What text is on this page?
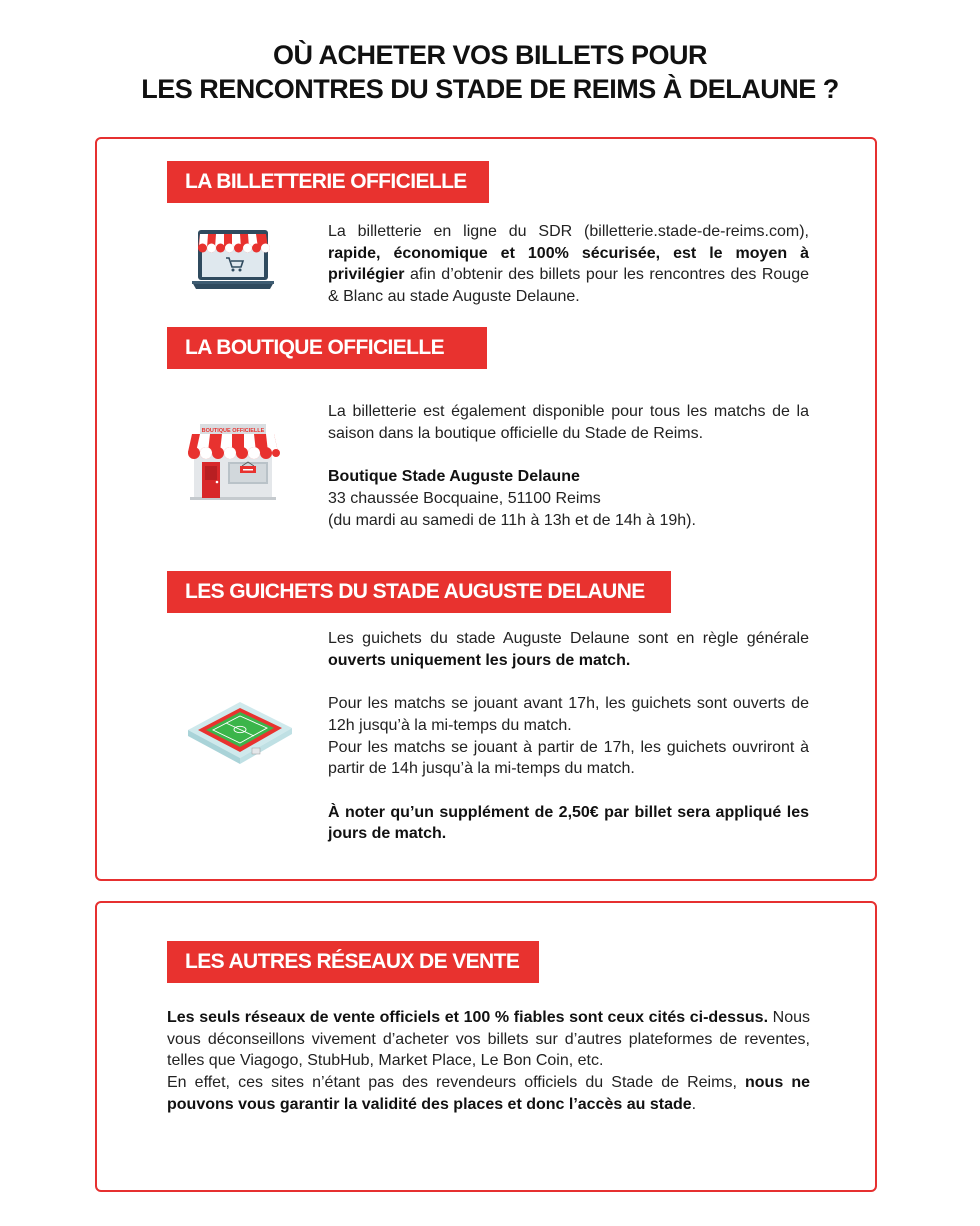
OÙ ACHETER VOS BILLETS POUR
LES RENCONTRES DU STADE DE REIMS À DELAUNE ?
LA BILLETTERIE OFFICIELLE
La billetterie en ligne du SDR (billetterie.stade-de-reims.com), rapide, économique et 100% sécurisée, est le moyen à privilégier afin d’obtenir des billets pour les rencontres des Rouge & Blanc au stade Auguste Delaune.
LA BOUTIQUE OFFICIELLE
BOUTIQUE OFFICIELLE
La billetterie est également disponible pour tous les matchs de la saison dans la boutique officielle du Stade de Reims.
Boutique Stade Auguste Delaune
33 chaussée Bocquaine, 51100 Reims
(du mardi au samedi de 11h à 13h et de 14h à 19h).
LES GUICHETS DU STADE AUGUSTE DELAUNE
Les guichets du stade Auguste Delaune sont en règle générale ouverts uniquement les jours de match.
Pour les matchs se jouant avant 17h, les guichets sont ouverts de 12h jusqu’à la mi-temps du match.
Pour les matchs se jouant à partir de 17h, les guichets ouvriront à partir de 14h jusqu’à la mi-temps du match.
À noter qu’un supplément de 2,50€ par billet sera appliqué les jours de match.
LES AUTRES RÉSEAUX DE VENTE
Les seuls réseaux de vente officiels et 100 % fiables sont ceux cités ci-dessus. Nous vous déconseillons vivement d’acheter vos billets sur d’autres plateformes de reventes, telles que Viagogo, StubHub, Market Place, Le Bon Coin, etc.
En effet, ces sites n’étant pas des revendeurs officiels du Stade de Reims, nous ne pouvons vous garantir la validité des places et donc l’accès au stade.
